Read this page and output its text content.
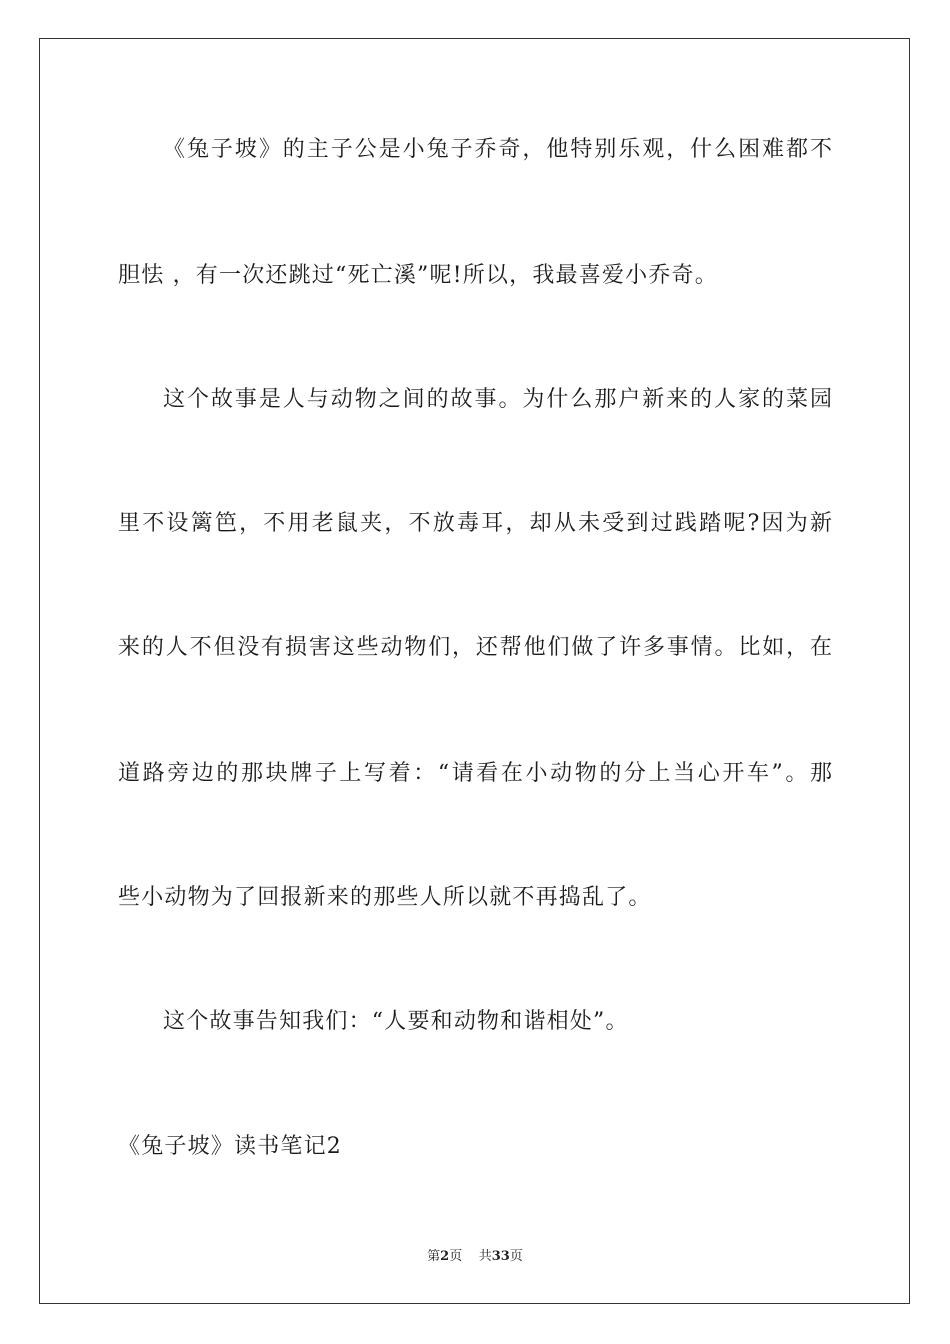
《兔子坡》的主子公是小兔子乔奇，他特别乐观，什么困难都不
胆怯 ，有一次还跳过“死亡溪”呢!所以，我最喜爱小乔奇。
这个故事是人与动物之间的故事。为什么那户新来的人家的菜园
里不设篱笆，不用老鼠夹，不放毒耳，却从未受到过践踏呢?因为新
来的人不但没有损害这些动物们，还帮他们做了许多事情。比如，在
道路旁边的那块牌子上写着：“请看在小动物的分上当心开车”。那
些小动物为了回报新来的那些人所以就不再捣乱了。
这个故事告知我们：“人要和动物和谐相处”。
《兔子坡》读书笔记2
第2页 共33页
